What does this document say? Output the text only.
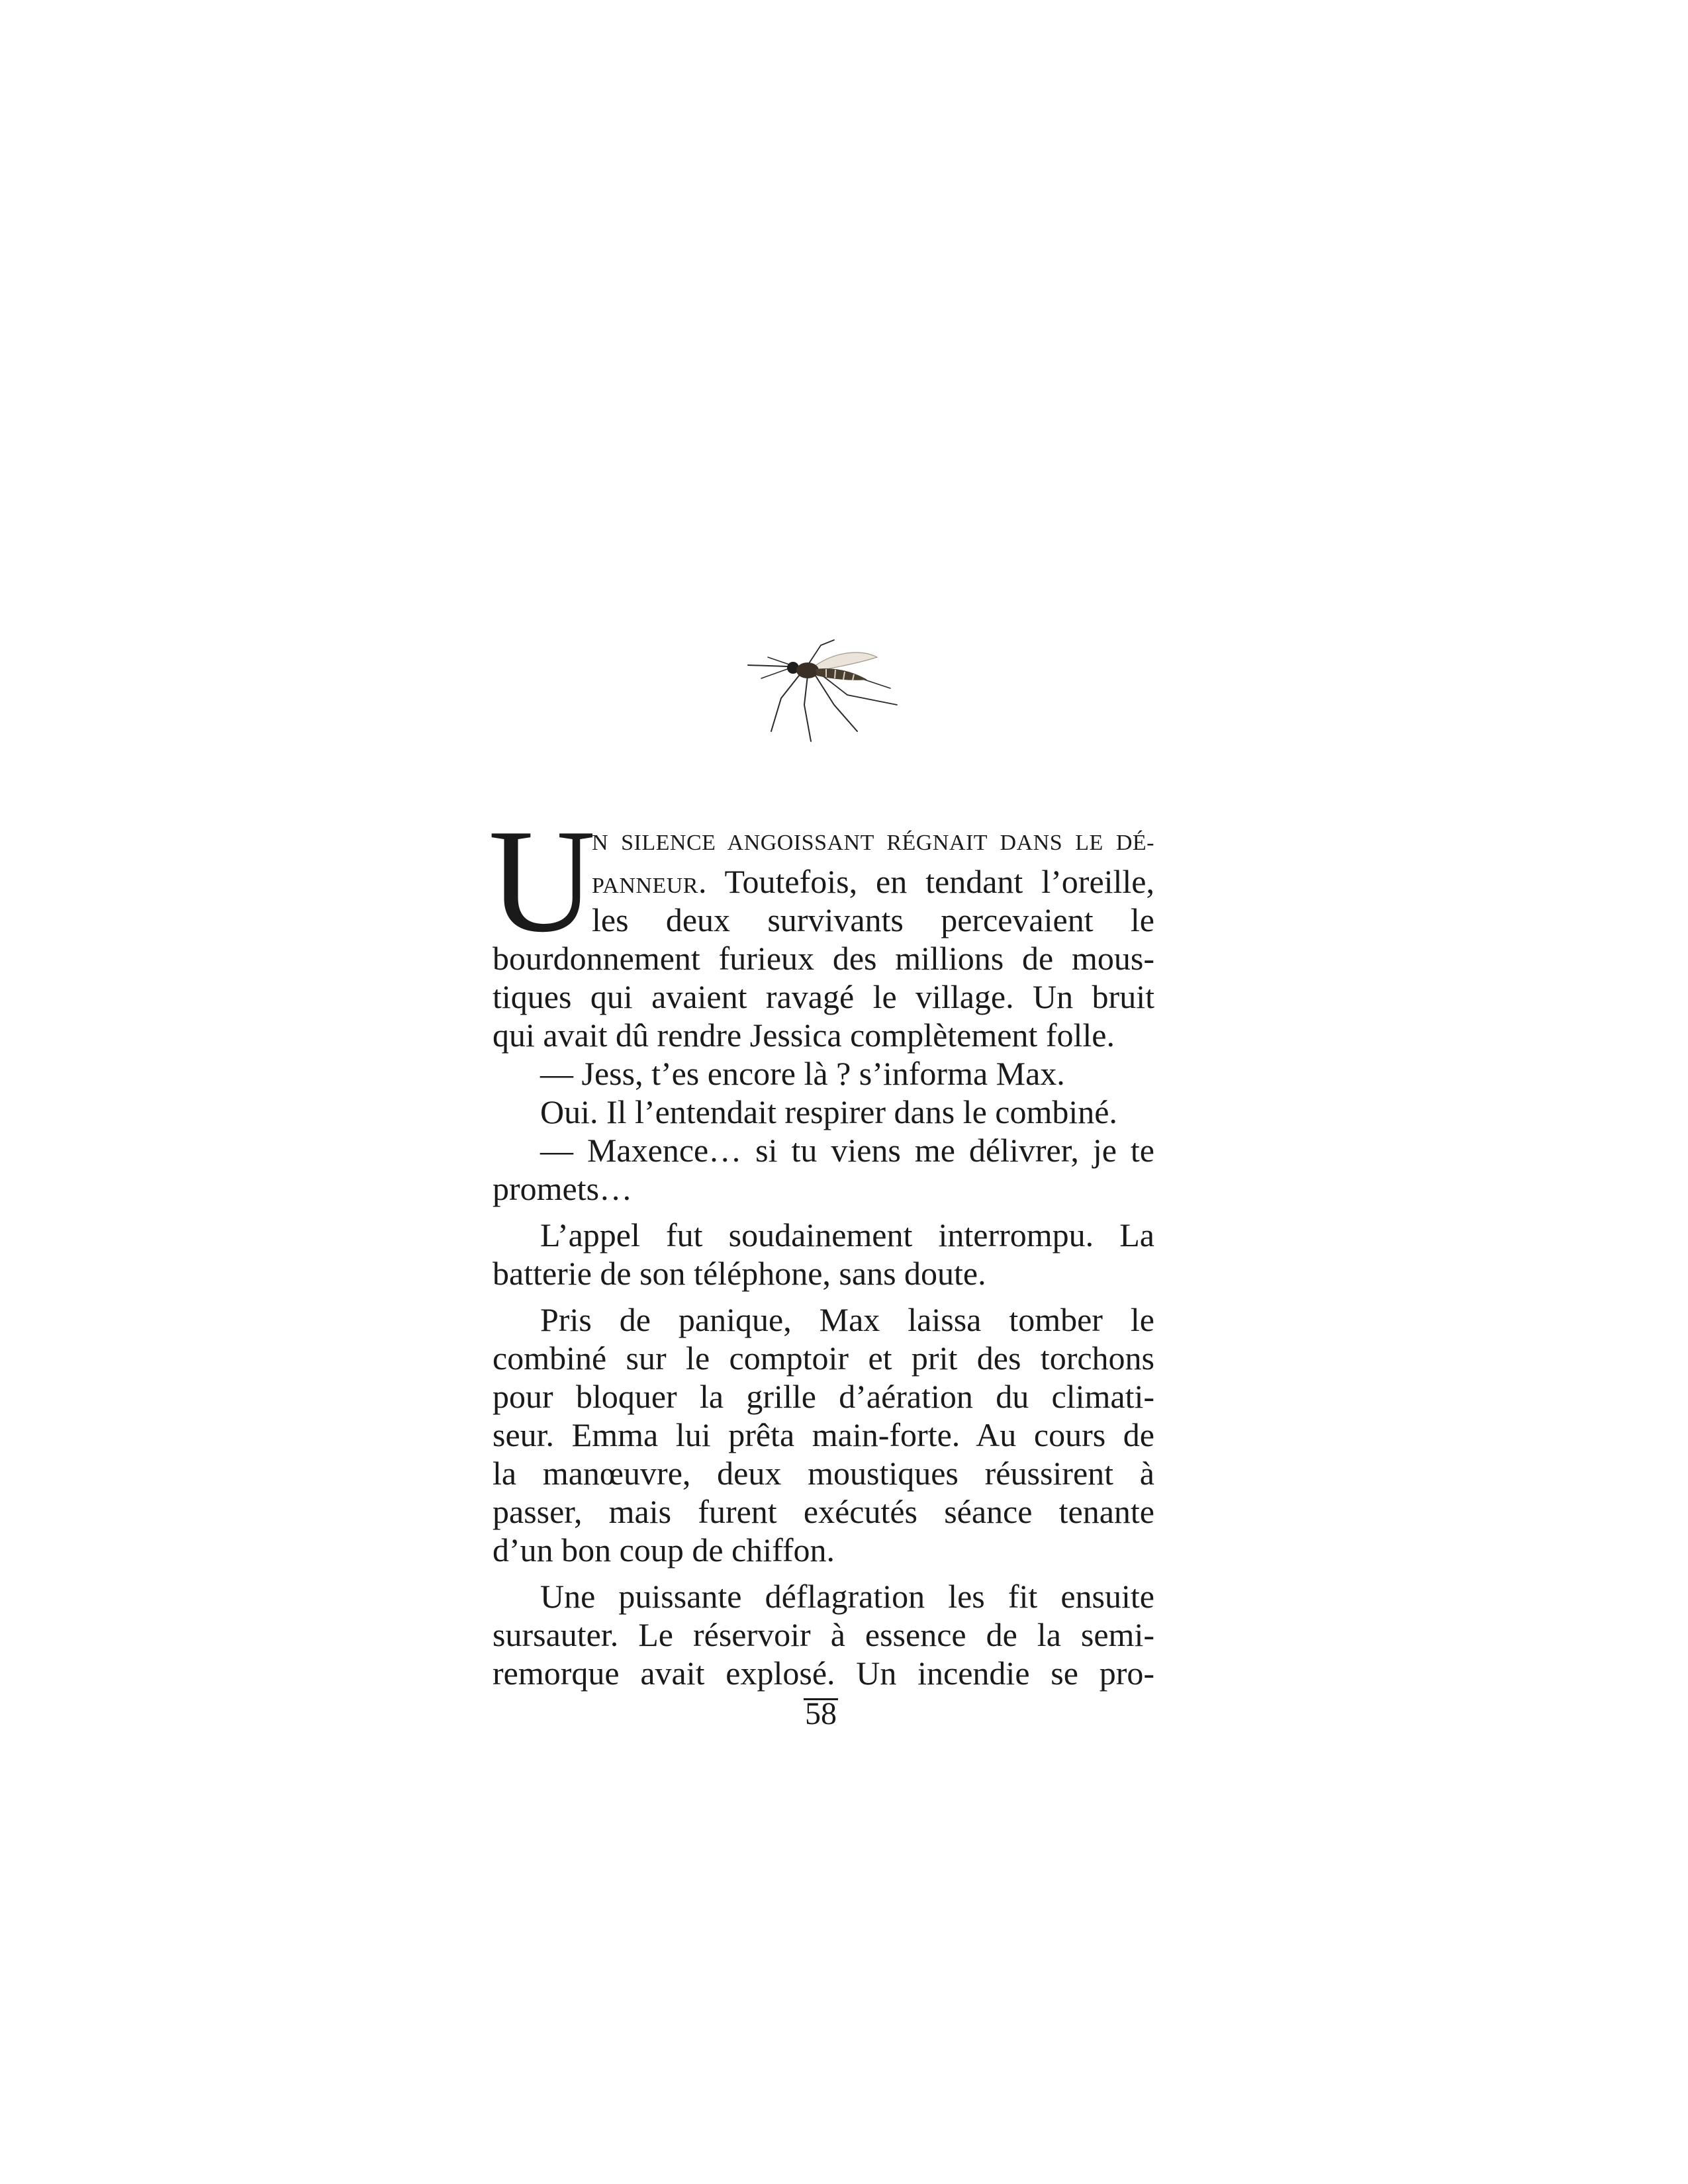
U
N SILENCE ANGOISSANT RÉGNAIT DANS LE DÉ-
PANNEUR. Toutefois, en tendant l’oreille,
les deux survivants percevaient le
bourdonnement furieux des millions de mous-
tiques qui avaient ravagé le village. Un bruit
qui avait dû rendre Jessica complètement folle.
— Jess, t’es encore là ? s’informa Max.
Oui. Il l’entendait respirer dans le combiné.
— Maxence… si tu viens me délivrer, je te
promets…
L’appel fut soudainement interrompu. La
batterie de son téléphone, sans doute.
Pris de panique, Max laissa tomber le
combiné sur le comptoir et prit des torchons
pour bloquer la grille d’aération du climati-
seur. Emma lui prêta main-forte. Au cours de
la manœuvre, deux moustiques réussirent à
passer, mais furent exécutés séance tenante
d’un bon coup de chiffon.
Une puissante déflagration les fit ensuite
sursauter. Le réservoir à essence de la semi-
remorque avait explosé. Un incendie se pro-
58
